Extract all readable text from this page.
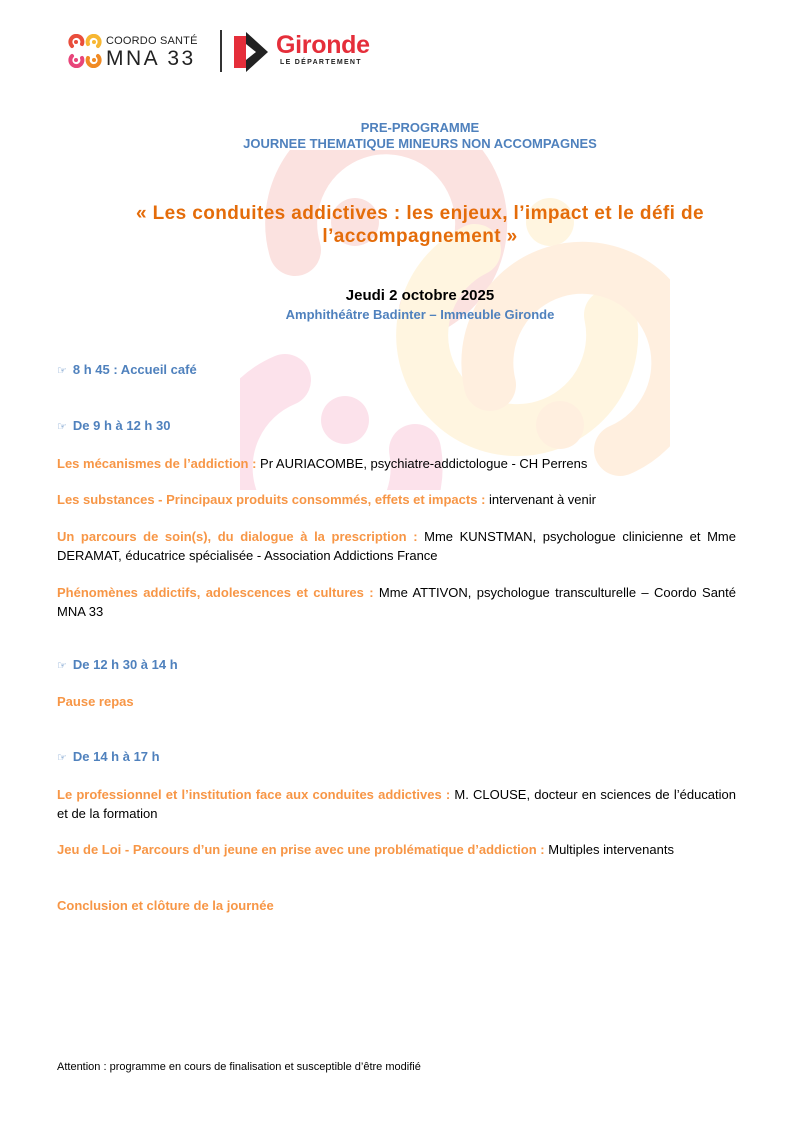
COORDO SANTÉ
MNA 33	Gironde
LE DÉPARTEMENT
PRE-PROGRAMME
JOURNEE THEMATIQUE MINEURS NON ACCOMPAGNES
« Les conduites addictives : les enjeux, l’impact et le défi de l’accompagnement »
Jeudi 2 octobre 2025
Amphithéâtre Badinter – Immeuble Gironde
☞ 8 h 45 : Accueil café
☞ De 9 h à 12 h 30
Les mécanismes de l’addiction : Pr AURIACOMBE, psychiatre-addictologue - CH Perrens
Les substances - Principaux produits consommés, effets et impacts : intervenant à venir
Un parcours de soin(s), du dialogue à la prescription : Mme KUNSTMAN, psychologue clinicienne et Mme DERAMAT, éducatrice spécialisée - Association Addictions France
Phénomènes addictifs, adolescences et cultures : Mme ATTIVON, psychologue transculturelle – Coordo Santé MNA 33
☞ De 12 h 30 à 14 h
Pause repas
☞ De 14 h à 17 h
Le professionnel et l’institution face aux conduites addictives : M. CLOUSE, docteur en sciences de l’éducation et de la formation
Jeu de Loi - Parcours d’un jeune en prise avec une problématique d’addiction : Multiples intervenants
Conclusion et clôture de la journée
Attention : programme en cours de finalisation et susceptible d’être modifié
